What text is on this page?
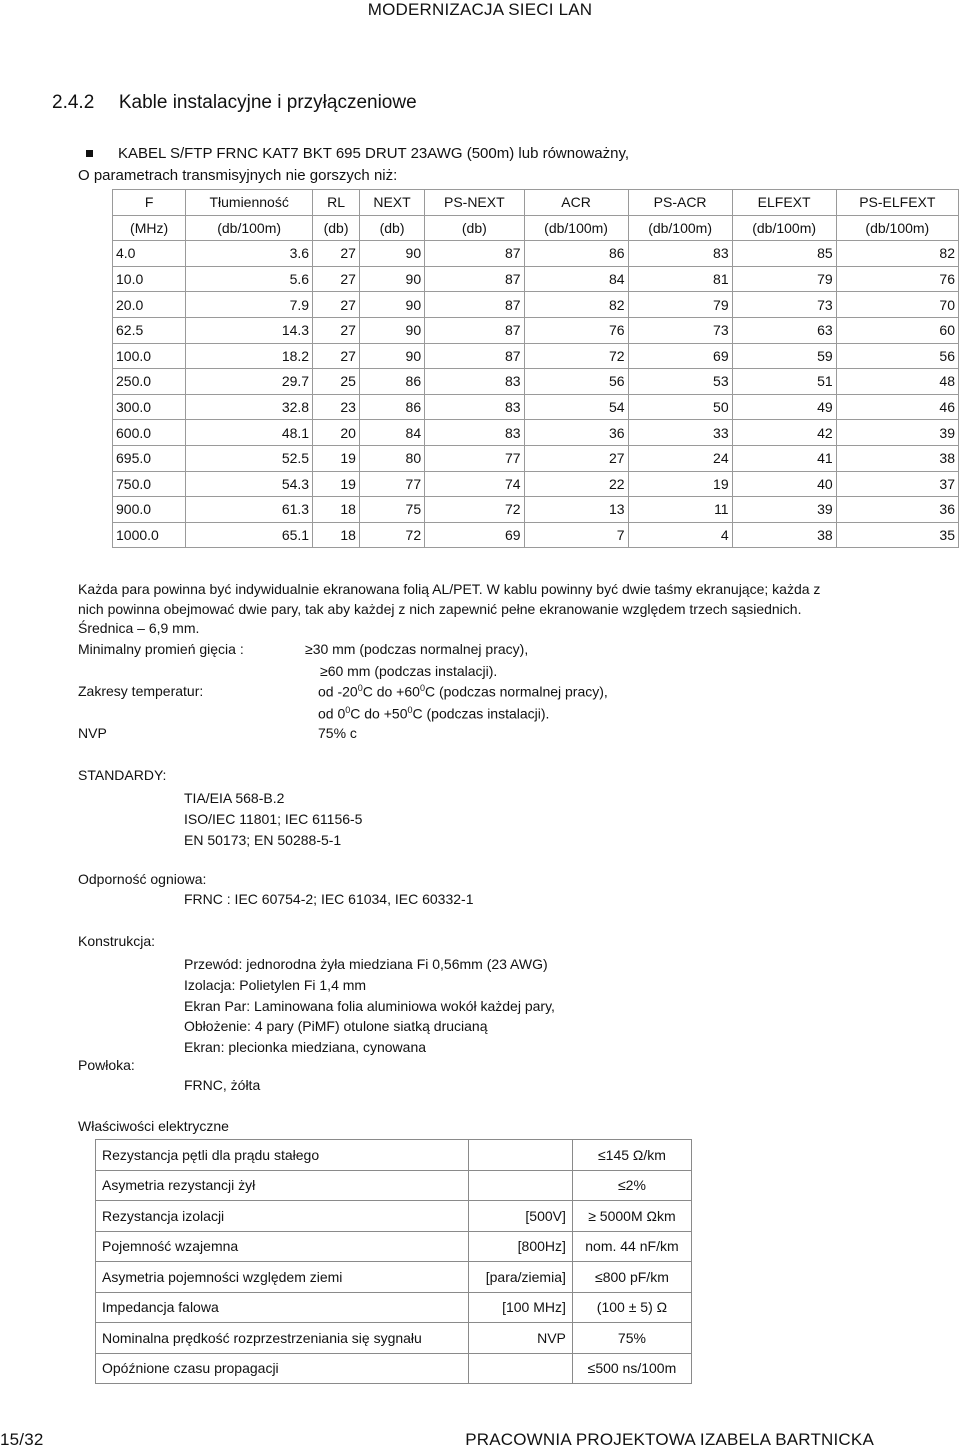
MODERNIZACJA SIECI LAN
2.4.2 Kable instalacyjne i przyłączeniowe
KABEL S/FTP FRNC KAT7 BKT 695 DRUT 23AWG (500m) lub równoważny,
O parametrach transmisyjnych nie gorszych niż:
F	Tłumienność	RL	NEXT	PS-NEXT	ACR	PS-ACR	ELFEXT	PS-ELFEXT
(MHz)	(db/100m)	(db)	(db)	(db)	(db/100m)	(db/100m)	(db/100m)	(db/100m)
4.0	3.6	27	90	87	86	83	85	82
10.0	5.6	27	90	87	84	81	79	76
20.0	7.9	27	90	87	82	79	73	70
62.5	14.3	27	90	87	76	73	63	60
100.0	18.2	27	90	87	72	69	59	56
250.0	29.7	25	86	83	56	53	51	48
300.0	32.8	23	86	83	54	50	49	46
600.0	48.1	20	84	83	36	33	42	39
695.0	52.5	19	80	77	27	24	41	38
750.0	54.3	19	77	74	22	19	40	37
900.0	61.3	18	75	72	13	11	39	36
1000.0	65.1	18	72	69	7	4	38	35
Każda para powinna być indywidualnie ekranowana folią AL/PET. W kablu powinny być dwie taśmy ekranujące; każda z
nich powinna obejmować dwie pary, tak aby każdej z nich zapewnić pełne ekranowanie względem trzech sąsiednich.
Średnica – 6,9 mm.
Minimalny promień gięcia :	≥30 mm (podczas normalnej pracy),
≥60 mm (podczas instalacji).
Zakresy temperatur:	od $-20^0C$ do $+60^0C$ (podczas normalnej pracy),
od $0^0C$ do $+50^0C$ (podczas instalacji).
NVP	75% c
STANDARDY:
TIA/EIA 568-B.2
ISO/IEC 11801; IEC 61156-5
EN 50173; EN 50288-5-1
Odporność ogniowa:
FRNC : IEC 60754-2; IEC 61034, IEC 60332-1
Konstrukcja:
Przewód: jednorodna żyła miedziana Fi 0,56mm (23 AWG)
Izolacja: Polietylen Fi 1,4 mm
Ekran Par: Laminowana folia aluminiowa wokół każdej pary,
Obłożenie: 4 pary (PiMF) otulone siatką drucianą
Ekran: plecionka miedziana, cynowana
Powłoka:
FRNC, żółta
Właściwości elektryczne
Rezystancja pętli dla prądu stałego		≤145 Ω/km
Asymetria rezystancji żył		≤2%
Rezystancja izolacji	[500V]	≥ 5000M Ωkm
Pojemność wzajemna	[800Hz]	nom. 44 nF/km
Asymetria pojemności względem ziemi	[para/ziemia]	≤800 pF/km
Impedancja falowa	[100 MHz]	(100 ± 5) Ω
Nominalna prędkość rozprzestrzeniania się sygnału	NVP	75%
Opóźnione czasu propagacji		≤500 ns/100m
15/32	PRACOWNIA PROJEKTOWA IZABELA BARTNICKA
